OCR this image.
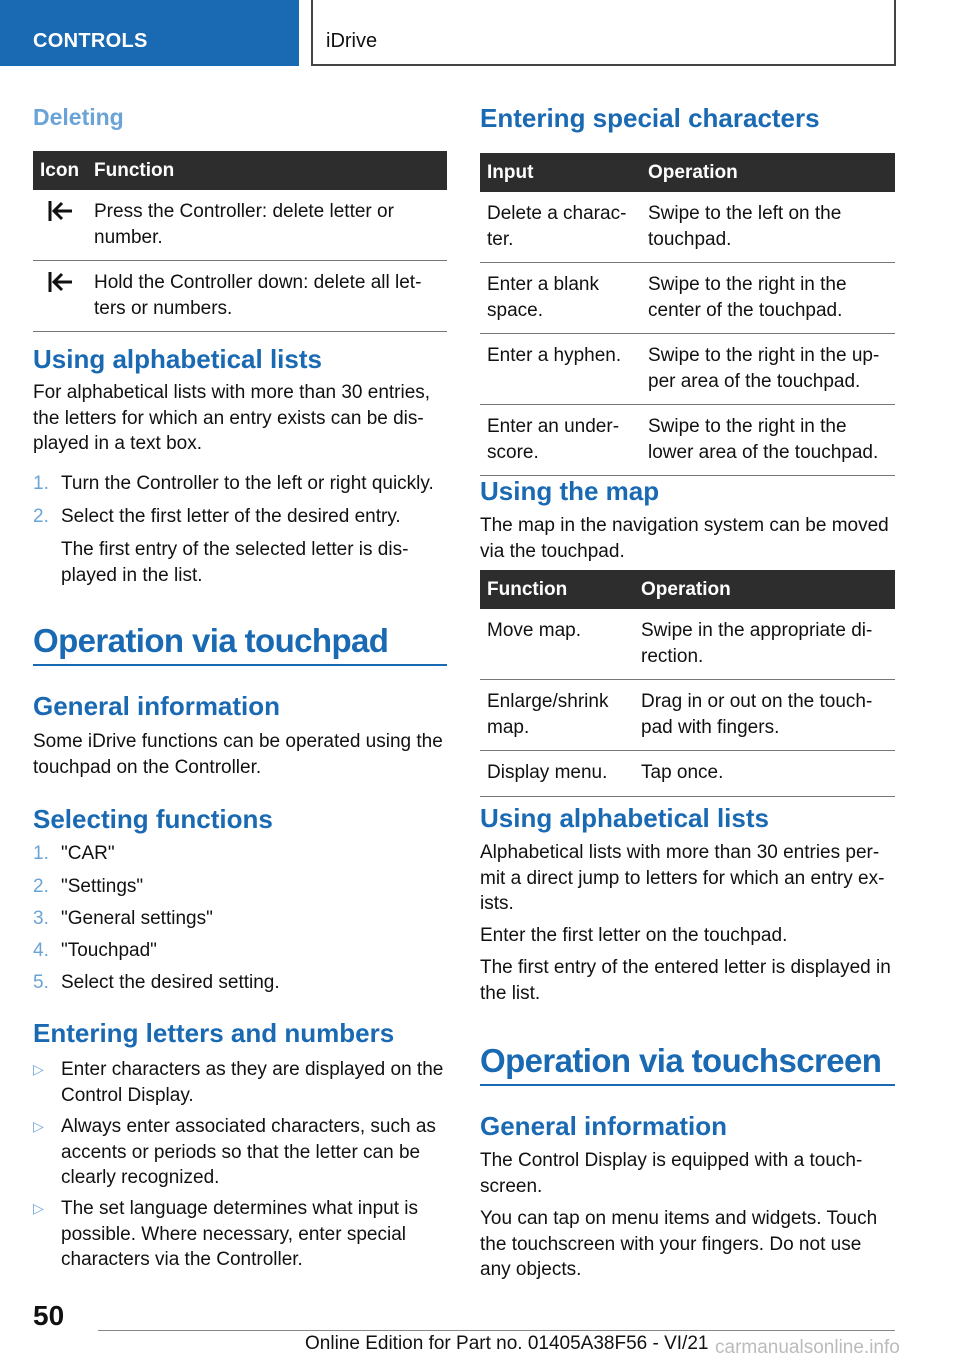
CONTROLS	iDrive
Deleting
Icon	Function
	Press the Controller: delete letter or number.
	Hold the Controller down: delete all let-ters or numbers.
Using alphabetical lists
For alphabetical lists with more than 30 entries, the letters for which an entry exists can be dis-played in a text box.
1. Turn the Controller to the left or right quickly.
2. Select the first letter of the desired entry.
The first entry of the selected letter is dis-played in the list.
Operation via touchpad
General information
Some iDrive functions can be operated using the touchpad on the Controller.
Selecting functions
1. "CAR"
2. "Settings"
3. "General settings"
4. "Touchpad"
5. Select the desired setting.
Entering letters and numbers
▷ Enter characters as they are displayed on the Control Display.
▷ Always enter associated characters, such as accents or periods so that the letter can be clearly recognized.
▷ The set language determines what input is possible. Where necessary, enter special characters via the Controller.
Entering special characters
Input	Operation
Delete a charac-ter.	Swipe to the left on the touchpad.
Enter a blank space.	Swipe to the right in the center of the touchpad.
Enter a hyphen.	Swipe to the right in the up-per area of the touchpad.
Enter an under-score.	Swipe to the right in the lower area of the touchpad.
Using the map
The map in the navigation system can be moved via the touchpad.
Function	Operation
Move map.	Swipe in the appropriate di-rection.
Enlarge/shrink map.	Drag in or out on the touch-pad with fingers.
Display menu.	Tap once.
Using alphabetical lists
Alphabetical lists with more than 30 entries per-mit a direct jump to letters for which an entry ex-ists.
Enter the first letter on the touchpad.
The first entry of the entered letter is displayed in the list.
Operation via touchscreen
General information
The Control Display is equipped with a touch-screen.
You can tap on menu items and widgets. Touch the touchscreen with your fingers. Do not use any objects.
50
Online Edition for Part no. 01405A38F56 - VI/21 carmanualsonline.info
